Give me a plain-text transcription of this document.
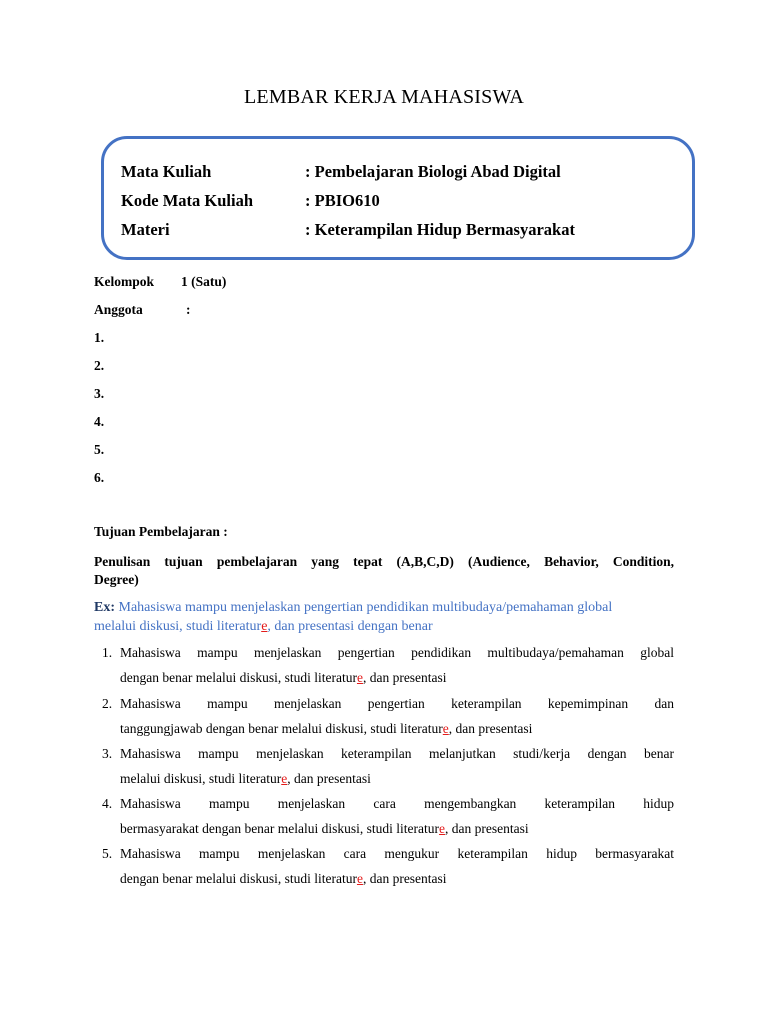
LEMBAR KERJA MAHASISWA
Mata Kuliah	: Pembelajaran Biologi Abad Digital
Kode Mata Kuliah	: PBIO610
Materi	: Keterampilan Hidup Bermasyarakat
Kelompok 1 (Satu)
Anggota	:
1.
2.
3.
4.
5.
6.
Tujuan Pembelajaran :
Penulisan tujuan pembelajaran yang tepat (A,B,C,D) (Audience, Behavior, Condition,
Degree)
Ex: Mahasiswa mampu menjelaskan pengertian pendidikan multibudaya/pemahaman global
melalui diskusi, studi literature, dan presentasi dengan benar
1. Mahasiswa mampu menjelaskan pengertian pendidikan multibudaya/pemahaman global
dengan benar melalui diskusi, studi literature, dan presentasi
2. Mahasiswa mampu menjelaskan pengertian keterampilan kepemimpinan dan
tanggungjawab dengan benar melalui diskusi, studi literature, dan presentasi
3. Mahasiswa mampu menjelaskan keterampilan melanjutkan studi/kerja dengan benar
melalui diskusi, studi literature, dan presentasi
4. Mahasiswa mampu menjelaskan cara mengembangkan keterampilan hidup
bermasyarakat dengan benar melalui diskusi, studi literature, dan presentasi
5. Mahasiswa mampu menjelaskan cara mengukur keterampilan hidup bermasyarakat
dengan benar melalui diskusi, studi literature, dan presentasi
